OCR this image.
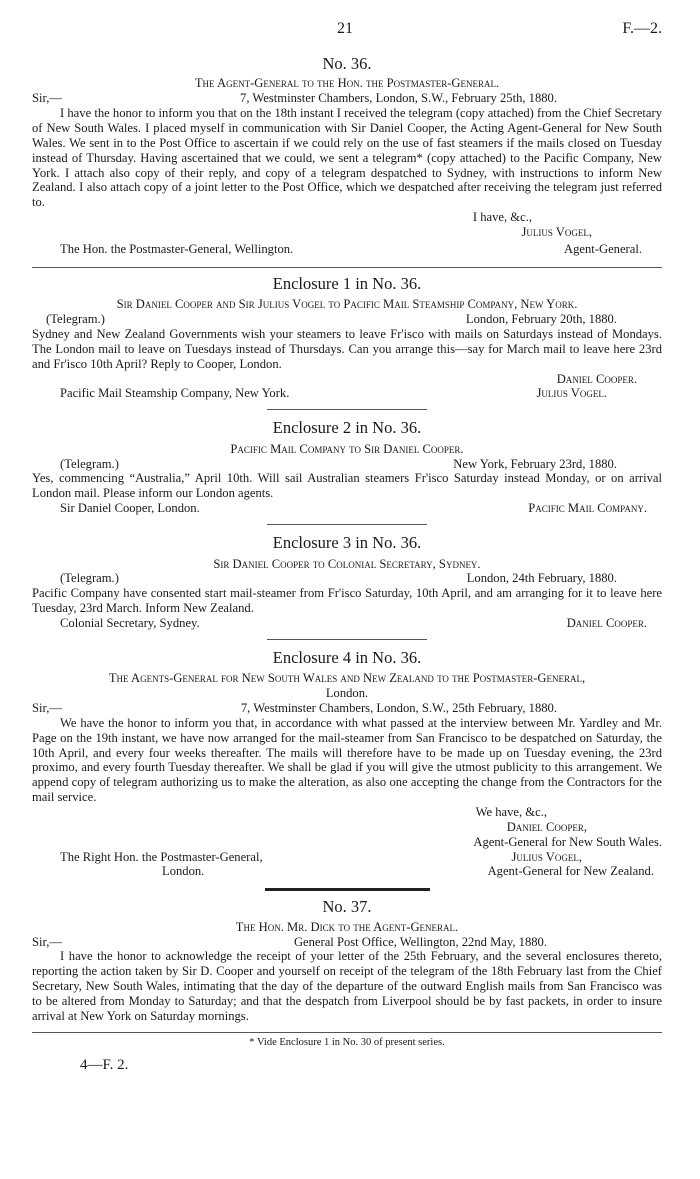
21	F.—2.
No. 36.
The Agent-General to the Hon. the Postmaster-General.
Sir,—	7, Westminster Chambers, London, S.W., February 25th, 1880.

I have the honor to inform you that on the 18th instant I received the telegram (copy attached) from the Chief Secretary of New South Wales. I placed myself in communication with Sir Daniel Cooper, the Acting Agent-General for New South Wales. We sent in to the Post Office to ascertain if we could rely on the use of fast steamers if the mails closed on Tuesday instead of Thursday. Having ascertained that we could, we sent a telegram* (copy attached) to the Pacific Company, New York. I attach also copy of their reply, and copy of a telegram despatched to Sydney, with instructions to inform New Zealand. I also attach copy of a joint letter to the Post Office, which we despatched after receiving the telegram just referred to.

I have, &c.,
Julius Vogel,
The Hon. the Postmaster-General, Wellington.	Agent-General.
Enclosure 1 in No. 36.
Sir Daniel Cooper and Sir Julius Vogel to Pacific Mail Steamship Company, New York.
(Telegram.)	London, February 20th, 1880.

Sydney and New Zealand Governments wish your steamers to leave Fr'isco with mails on Saturdays instead of Mondays. The London mail to leave on Tuesdays instead of Thursdays. Can you arrange this—say for March mail to leave here 23rd and Fr'isco 10th April? Reply to Cooper, London.

Daniel Cooper.
Pacific Mail Steamship Company, New York.	Julius Vogel.
Enclosure 2 in No. 36.
Pacific Mail Company to Sir Daniel Cooper.
(Telegram.)	New York, February 23rd, 1880.

Yes, commencing “Australia,” April 10th. Will sail Australian steamers Fr'isco Saturday instead Monday, or on arrival London mail. Please inform our London agents.

Sir Daniel Cooper, London.	Pacific Mail Company.
Enclosure 3 in No. 36.
Sir Daniel Cooper to Colonial Secretary, Sydney.
(Telegram.)	London, 24th February, 1880.

Pacific Company have consented start mail-steamer from Fr'isco Saturday, 10th April, and am arranging for it to leave here Tuesday, 23rd March. Inform New Zealand.

Colonial Secretary, Sydney.	Daniel Cooper.
Enclosure 4 in No. 36.
The Agents-General for New South Wales and New Zealand to the Postmaster-General,
London.
Sir,—	7, Westminster Chambers, London, S.W., 25th February, 1880.

We have the honor to inform you that, in accordance with what passed at the interview between Mr. Yardley and Mr. Page on the 19th instant, we have now arranged for the mail-steamer from San Francisco to be despatched on Saturday, the 10th April, and every four weeks thereafter. The mails will therefore have to be made up on Tuesday evening, the 23rd proximo, and every fourth Tuesday thereafter. We shall be glad if you will give the utmost publicity to this arrangement. We append copy of telegram authorizing us to make the alteration, as also one accepting the change from the Contractors for the mail service.

We have, &c.,
Daniel Cooper,
Agent-General for New South Wales.
The Right Hon. the Postmaster-General,	Julius Vogel,
London.	Agent-General for New Zealand.
No. 37.
The Hon. Mr. Dick to the Agent-General.
Sir,—	General Post Office, Wellington, 22nd May, 1880.

I have the honor to acknowledge the receipt of your letter of the 25th February, and the several enclosures thereto, reporting the action taken by Sir D. Cooper and yourself on receipt of the telegram of the 18th February last from the Chief Secretary, New South Wales, intimating that the day of the departure of the outward English mails from San Francisco was to be altered from Monday to Saturday; and that the despatch from Liverpool should be by fast packets, in order to insure arrival at New York on Saturday mornings.

* Vide Enclosure 1 in No. 30 of present series.
4—F. 2.
